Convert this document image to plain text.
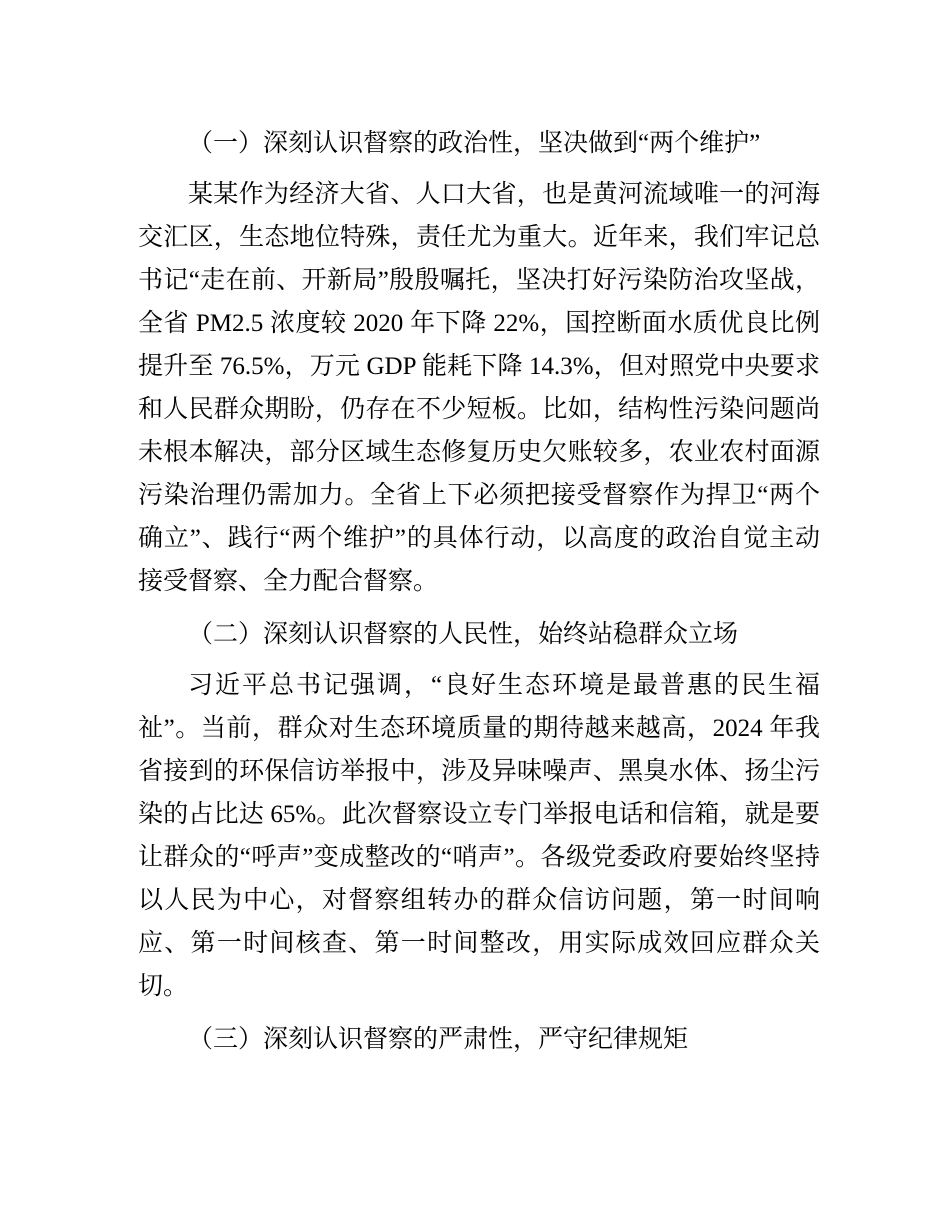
（一）深刻认识督察的政治性，坚决做到“两个维护”

某某作为经济大省、人口大省，也是黄河流域唯一的河海交汇区，生态地位特殊，责任尤为重大。近年来，我们牢记总书记“走在前、开新局”殷殷嘱托，坚决打好污染防治攻坚战，全省 PM2.5 浓度较 2020 年下降 22%，国控断面水质优良比例提升至 76.5%，万元 GDP 能耗下降 14.3%，但对照党中央要求和人民群众期盼，仍存在不少短板。比如，结构性污染问题尚未根本解决，部分区域生态修复历史欠账较多，农业农村面源污染治理仍需加力。全省上下必须把接受督察作为捍卫“两个确立”、践行“两个维护”的具体行动，以高度的政治自觉主动接受督察、全力配合督察。

（二）深刻认识督察的人民性，始终站稳群众立场

习近平总书记强调，“良好生态环境是最普惠的民生福祉”。当前，群众对生态环境质量的期待越来越高，2024 年我省接到的环保信访举报中，涉及异味噪声、黑臭水体、扬尘污染的占比达 65%。此次督察设立专门举报电话和信箱，就是要让群众的“呼声”变成整改的“哨声”。各级党委政府要始终坚持以人民为中心，对督察组转办的群众信访问题，第一时间响应、第一时间核查、第一时间整改，用实际成效回应群众关切。

（三）深刻认识督察的严肃性，严守纪律规矩
